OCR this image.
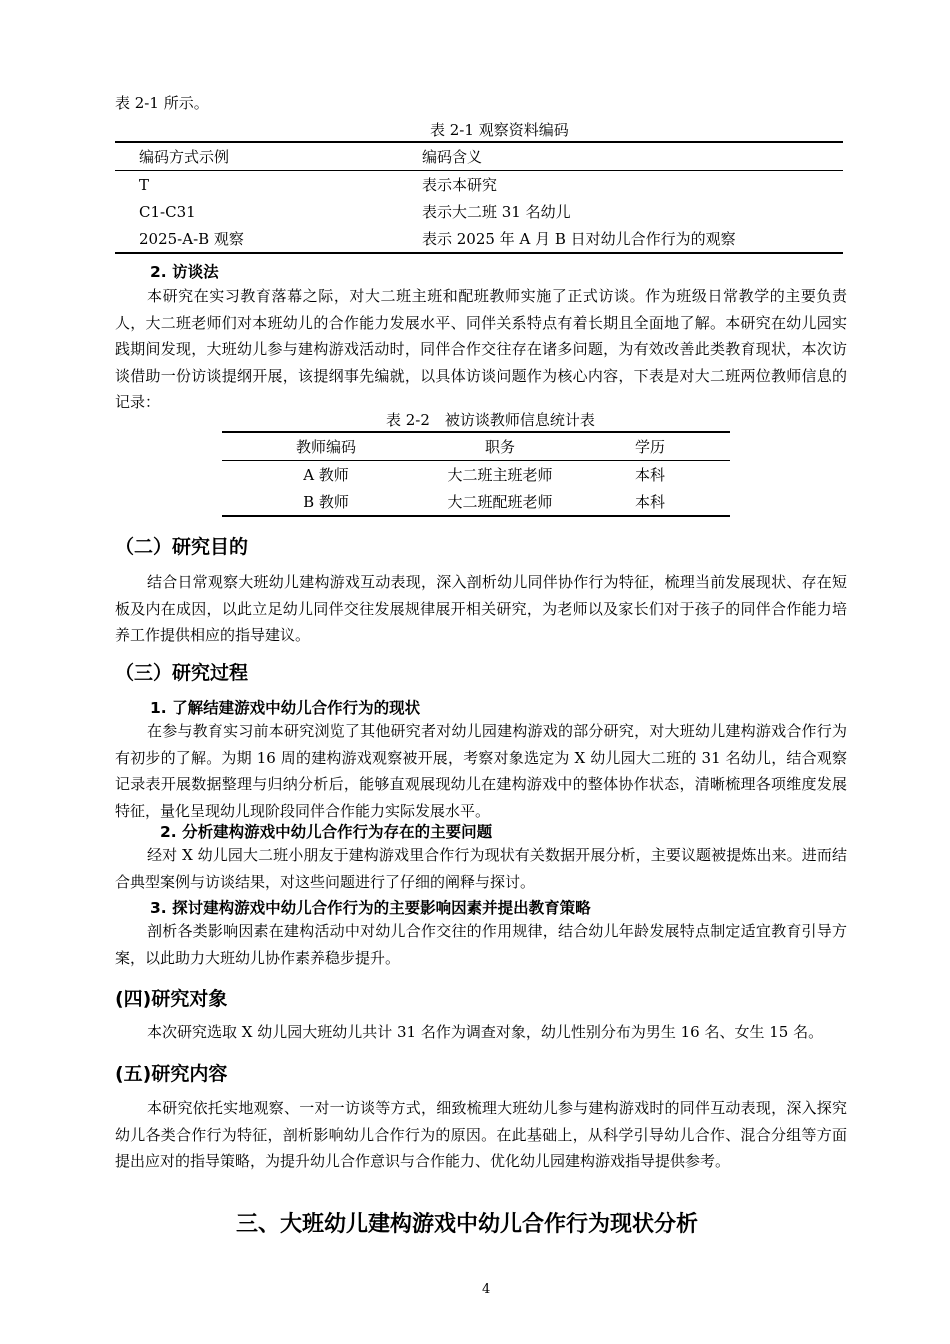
表 2-1 所示。
表 2-1 观察资料编码
编码方式示例	编码含义
T	表示本研究
C1-C31	表示大二班 31 名幼儿
2025-A-B 观察	表示 2025 年 A 月 B 日对幼儿合作行为的观察
2. 访谈法

本研究在实习教育落幕之际，对大二班主班和配班教师实施了正式访谈。作为班级日常教学的主要负责人，大二班老师们对本班幼儿的合作能力发展水平、同伴关系特点有着长期且全面地了解。本研究在幼儿园实践期间发现，大班幼儿参与建构游戏活动时，同伴合作交往存在诸多问题，为有效改善此类教育现状，本次访谈借助一份访谈提纲开展，该提纲事先编就，以具体访谈问题作为核心内容，下表是对大二班两位教师信息的记录：

表 2-2　被访谈教师信息统计表
教师编码	职务	学历
A 教师	大二班主班老师	本科
B 教师	大二班配班老师	本科
（二）研究目的

结合日常观察大班幼儿建构游戏互动表现，深入剖析幼儿同伴协作行为特征，梳理当前发展现状、存在短板及内在成因，以此立足幼儿同伴交往发展规律展开相关研究，为老师以及家长们对于孩子的同伴合作能力培养工作提供相应的指导建议。

（三）研究过程
1. 了解结建游戏中幼儿合作行为的现状

在参与教育实习前本研究浏览了其他研究者对幼儿园建构游戏的部分研究，对大班幼儿建构游戏合作行为有初步的了解。为期 16 周的建构游戏观察被开展，考察对象选定为 X 幼儿园大二班的 31 名幼儿，结合观察记录表开展数据整理与归纳分析后，能够直观展现幼儿在建构游戏中的整体协作状态，清晰梳理各项维度发展特征，量化呈现幼儿现阶段同伴合作能力实际发展水平。

2. 分析建构游戏中幼儿合作行为存在的主要问题

经对 X 幼儿园大二班小朋友于建构游戏里合作行为现状有关数据开展分析，主要议题被提炼出来。进而结合典型案例与访谈结果，对这些问题进行了仔细的阐释与探讨。

3. 探讨建构游戏中幼儿合作行为的主要影响因素并提出教育策略

剖析各类影响因素在建构活动中对幼儿合作交往的作用规律，结合幼儿年龄发展特点制定适宜教育引导方案，以此助力大班幼儿协作素养稳步提升。

(四)研究对象

本次研究选取 X 幼儿园大班幼儿共计 31 名作为调查对象，幼儿性别分布为男生 16 名、女生 15 名。

(五)研究内容

本研究依托实地观察、一对一访谈等方式，细致梳理大班幼儿参与建构游戏时的同伴互动表现，深入探究幼儿各类合作行为特征，剖析影响幼儿合作行为的原因。在此基础上，从科学引导幼儿合作、混合分组等方面提出应对的指导策略，为提升幼儿合作意识与合作能力、优化幼儿园建构游戏指导提供参考。

三、大班幼儿建构游戏中幼儿合作行为现状分析
4
